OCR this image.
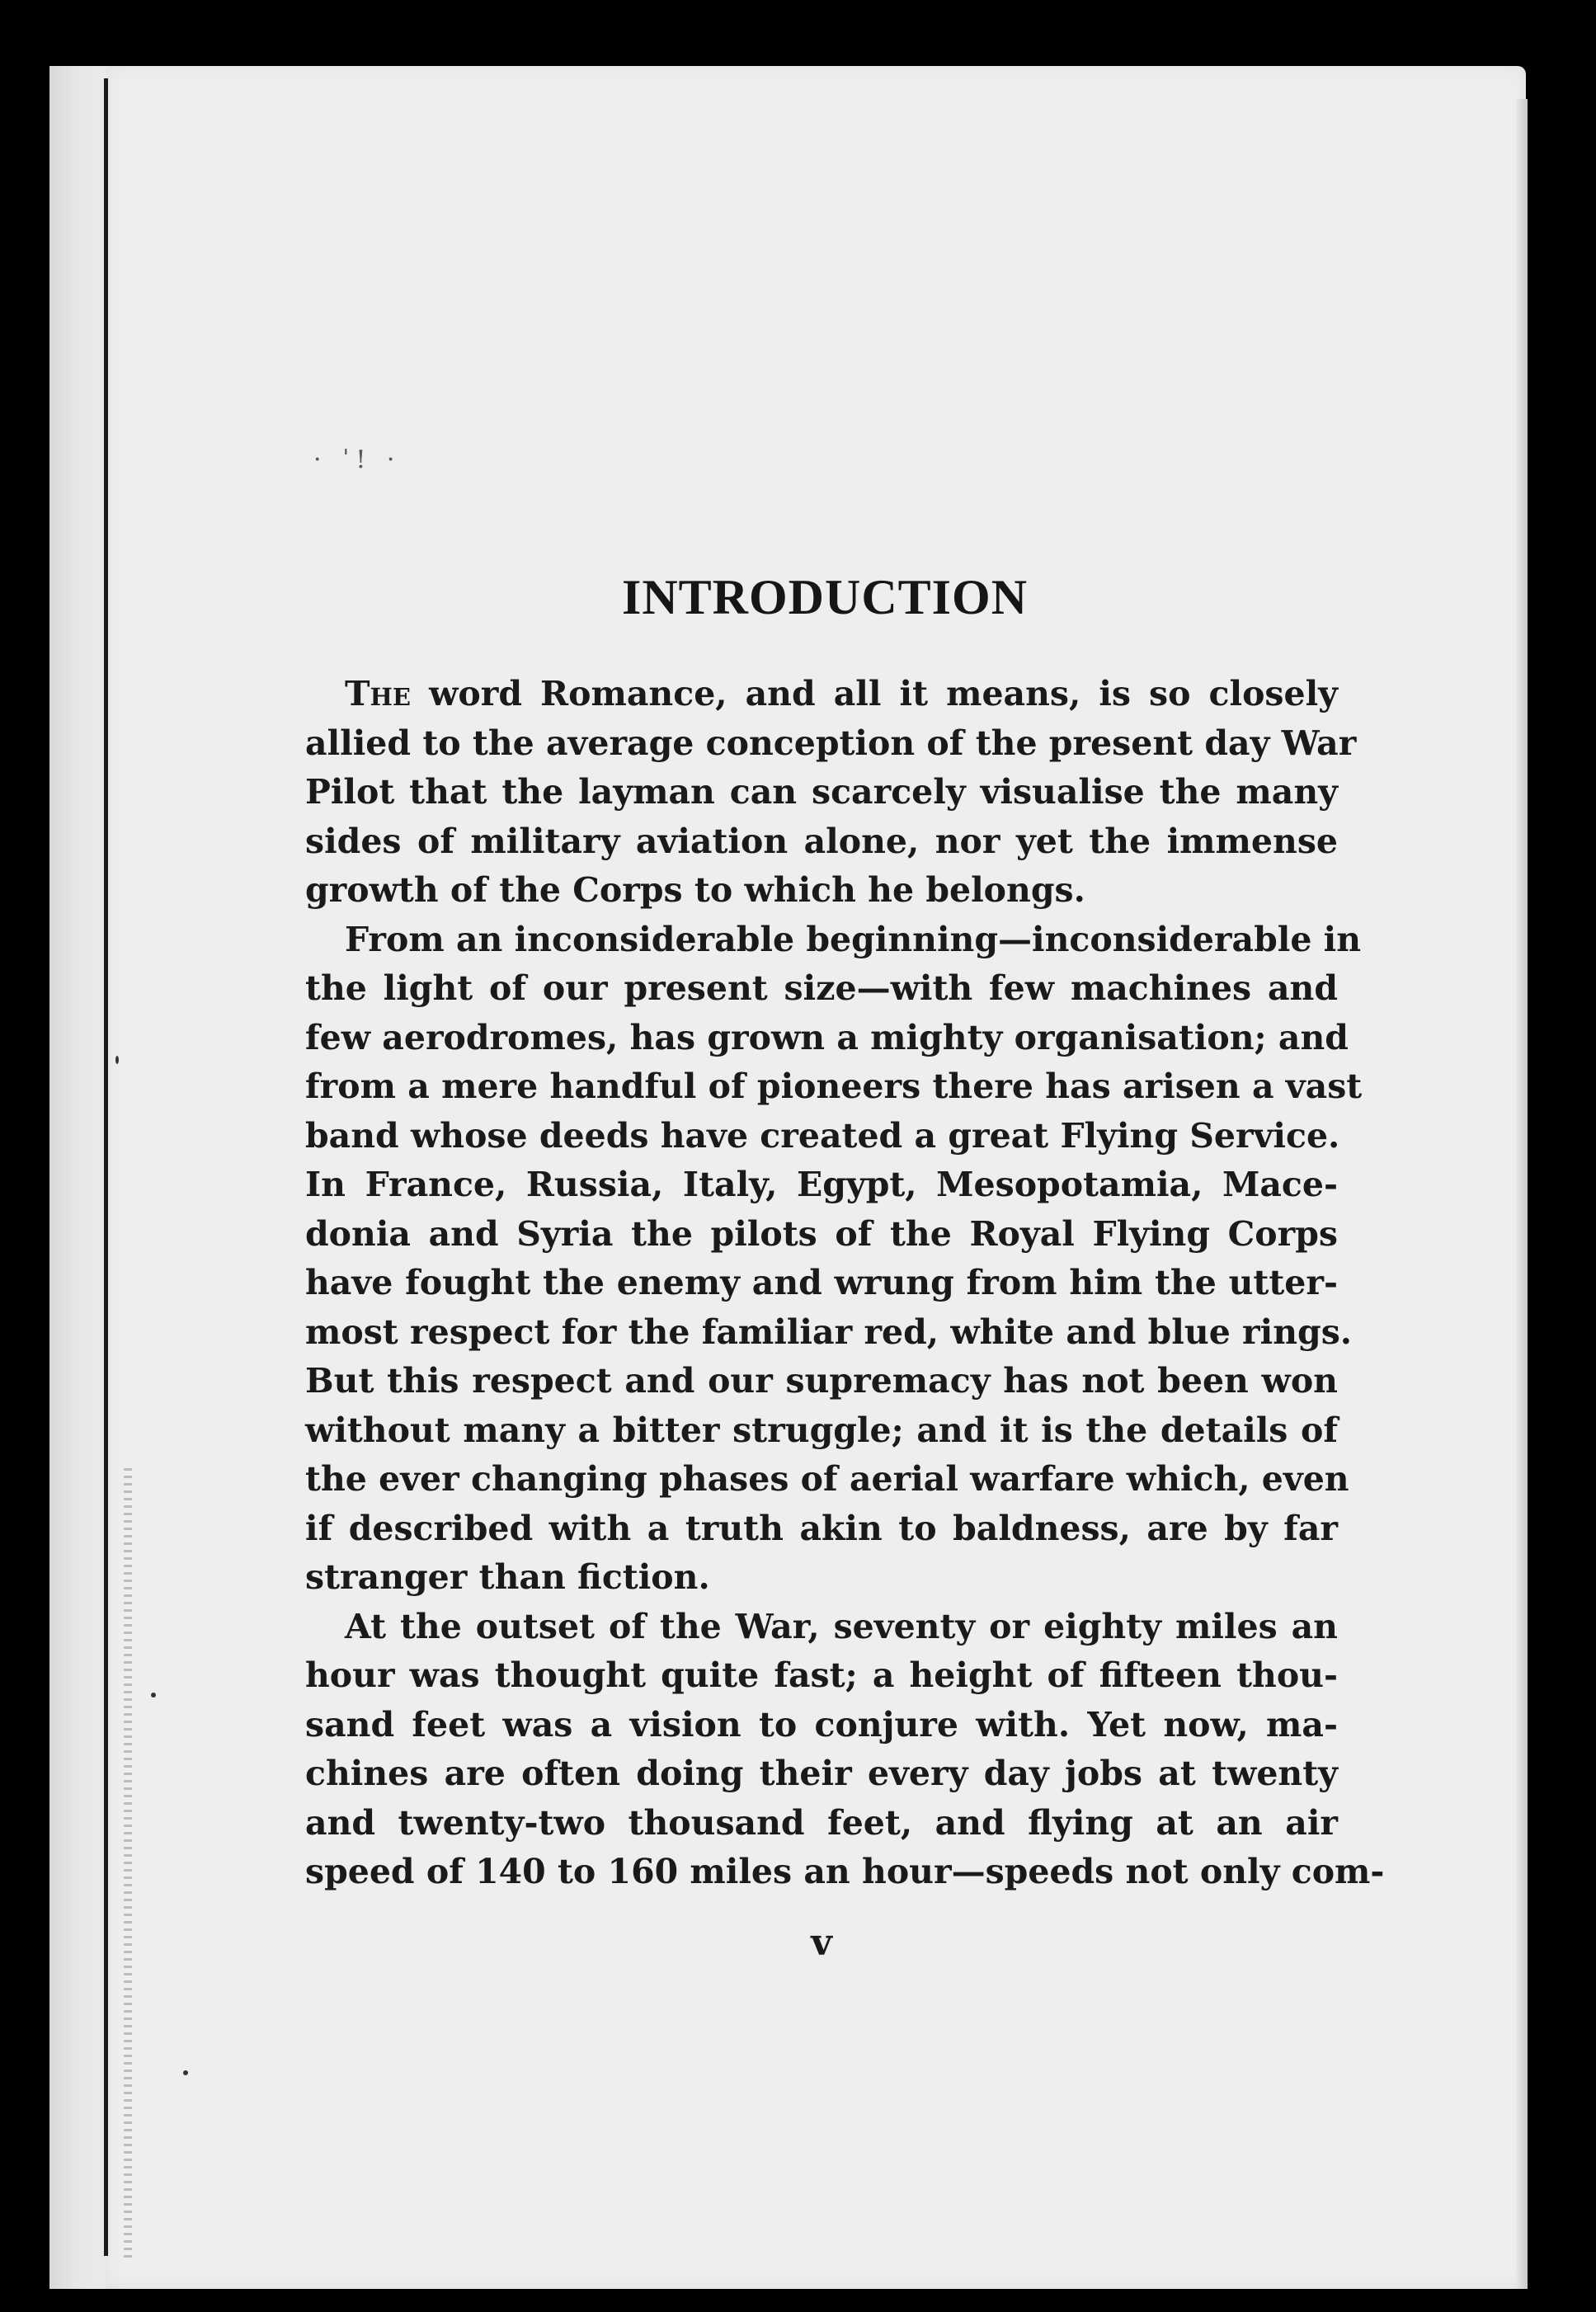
· ˈ! ·
INTRODUCTION
The word Romance, and all it means, is so closely
allied to the average conception of the present day War
Pilot that the layman can scarcely visualise the many
sides of military aviation alone, nor yet the immense
growth of the Corps to which he belongs.
From an inconsiderable beginning—inconsiderable in
the light of our present size—with few machines and
few aerodromes, has grown a mighty organisation; and
from a mere handful of pioneers there has arisen a vast
band whose deeds have created a great Flying Service.
In France, Russia, Italy, Egypt, Mesopotamia, Mace-
donia and Syria the pilots of the Royal Flying Corps
have fought the enemy and wrung from him the utter-
most respect for the familiar red, white and blue rings.
But this respect and our supremacy has not been won
without many a bitter struggle; and it is the details of
the ever changing phases of aerial warfare which, even
if described with a truth akin to baldness, are by far
stranger than fiction.
At the outset of the War, seventy or eighty miles an
hour was thought quite fast; a height of fifteen thou-
sand feet was a vision to conjure with. Yet now, ma-
chines are often doing their every day jobs at twenty
and twenty-two thousand feet, and flying at an air
speed of 140 to 160 miles an hour—speeds not only com-
v
